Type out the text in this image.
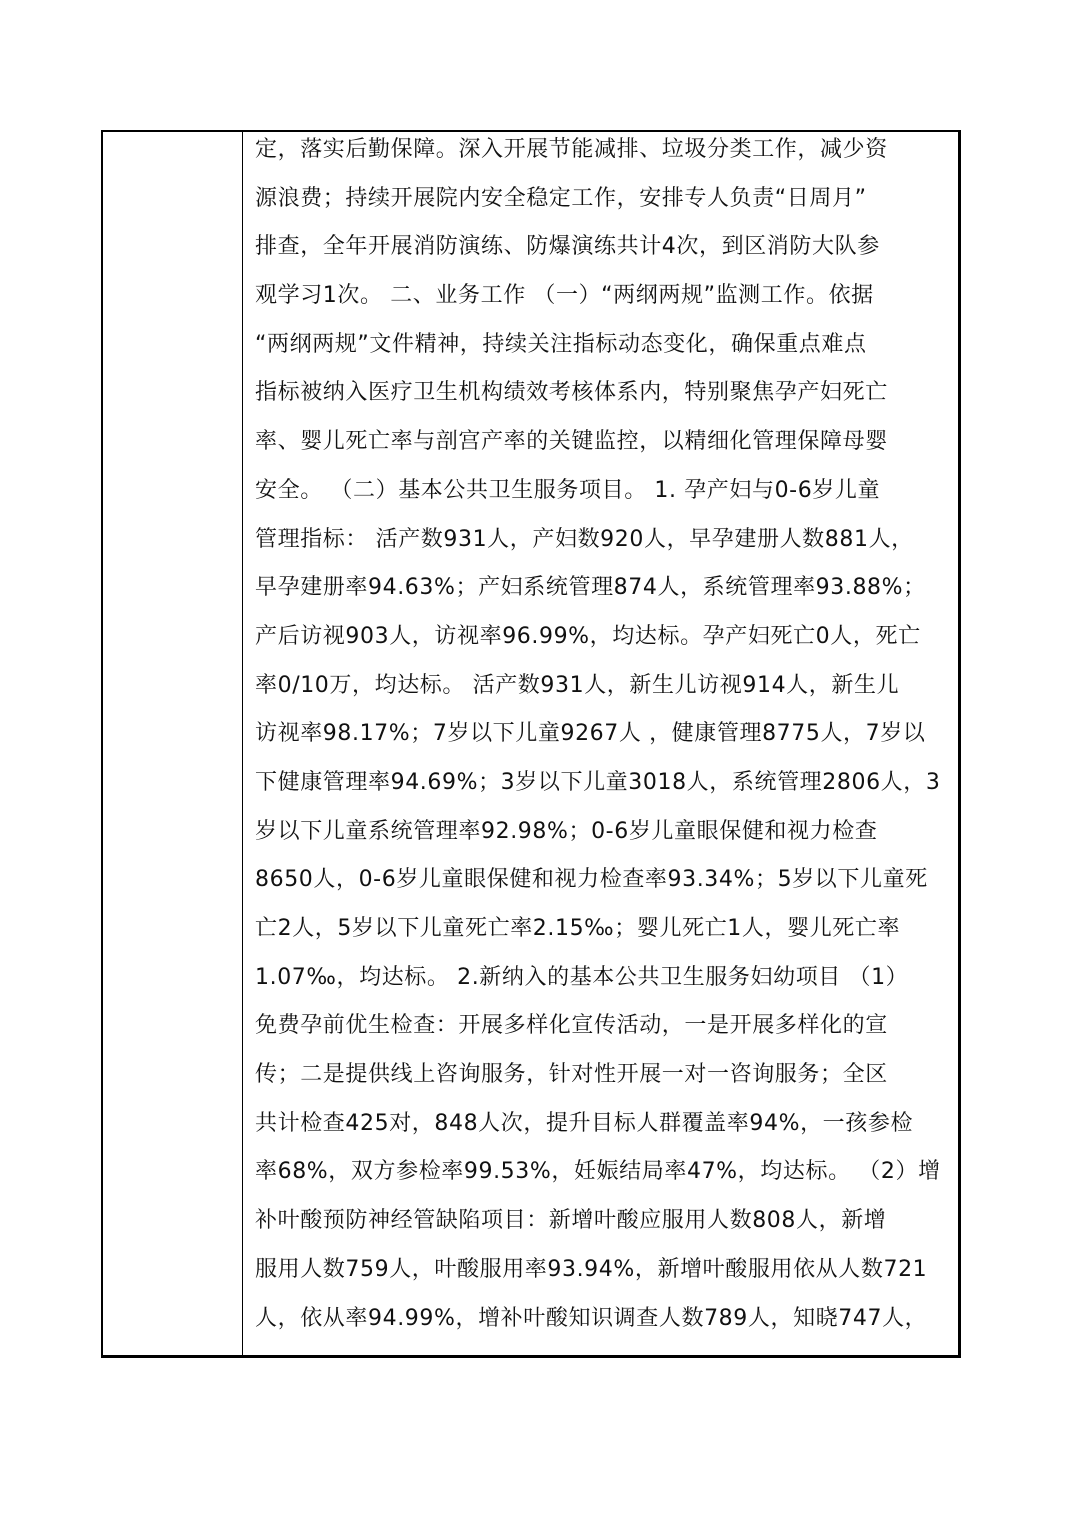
定，落实后勤保障。深入开展节能减排、垃圾分类工作，减少资
源浪费；持续开展院内安全稳定工作，安排专人负责“日周月”
排查，全年开展消防演练、防爆演练共计4次，到区消防大队参
观学习1次。 二、业务工作 （一）“两纲两规”监测工作。依据
“两纲两规”文件精神，持续关注指标动态变化，确保重点难点
指标被纳入医疗卫生机构绩效考核体系内，特别聚焦孕产妇死亡
率、婴儿死亡率与剖宫产率的关键监控，以精细化管理保障母婴
安全。 （二）基本公共卫生服务项目。 1. 孕产妇与0-6岁儿童
管理指标： 活产数931人，产妇数920人，早孕建册人数881人，
早孕建册率94.63%；产妇系统管理874人，系统管理率93.88%；
产后访视903人，访视率96.99%，均达标。孕产妇死亡0人，死亡
率0/10万，均达标。 活产数931人，新生儿访视914人，新生儿
访视率98.17%；7岁以下儿童9267人 ，健康管理8775人，7岁以
下健康管理率94.69%；3岁以下儿童3018人，系统管理2806人，3
岁以下儿童系统管理率92.98%；0-6岁儿童眼保健和视力检查
8650人，0-6岁儿童眼保健和视力检查率93.34%；5岁以下儿童死
亡2人，5岁以下儿童死亡率2.15‰；婴儿死亡1人，婴儿死亡率
1.07‰，均达标。 2.新纳入的基本公共卫生服务妇幼项目 （1）
免费孕前优生检查：开展多样化宣传活动，一是开展多样化的宣
传；二是提供线上咨询服务，针对性开展一对一咨询服务；全区
共计检查425对，848人次，提升目标人群覆盖率94%，一孩参检
率68%，双方参检率99.53%，妊娠结局率47%，均达标。 （2）增
补叶酸预防神经管缺陷项目：新增叶酸应服用人数808人，新增
服用人数759人，叶酸服用率93.94%，新增叶酸服用依从人数721
人，依从率94.99%，增补叶酸知识调查人数789人，知晓747人，
